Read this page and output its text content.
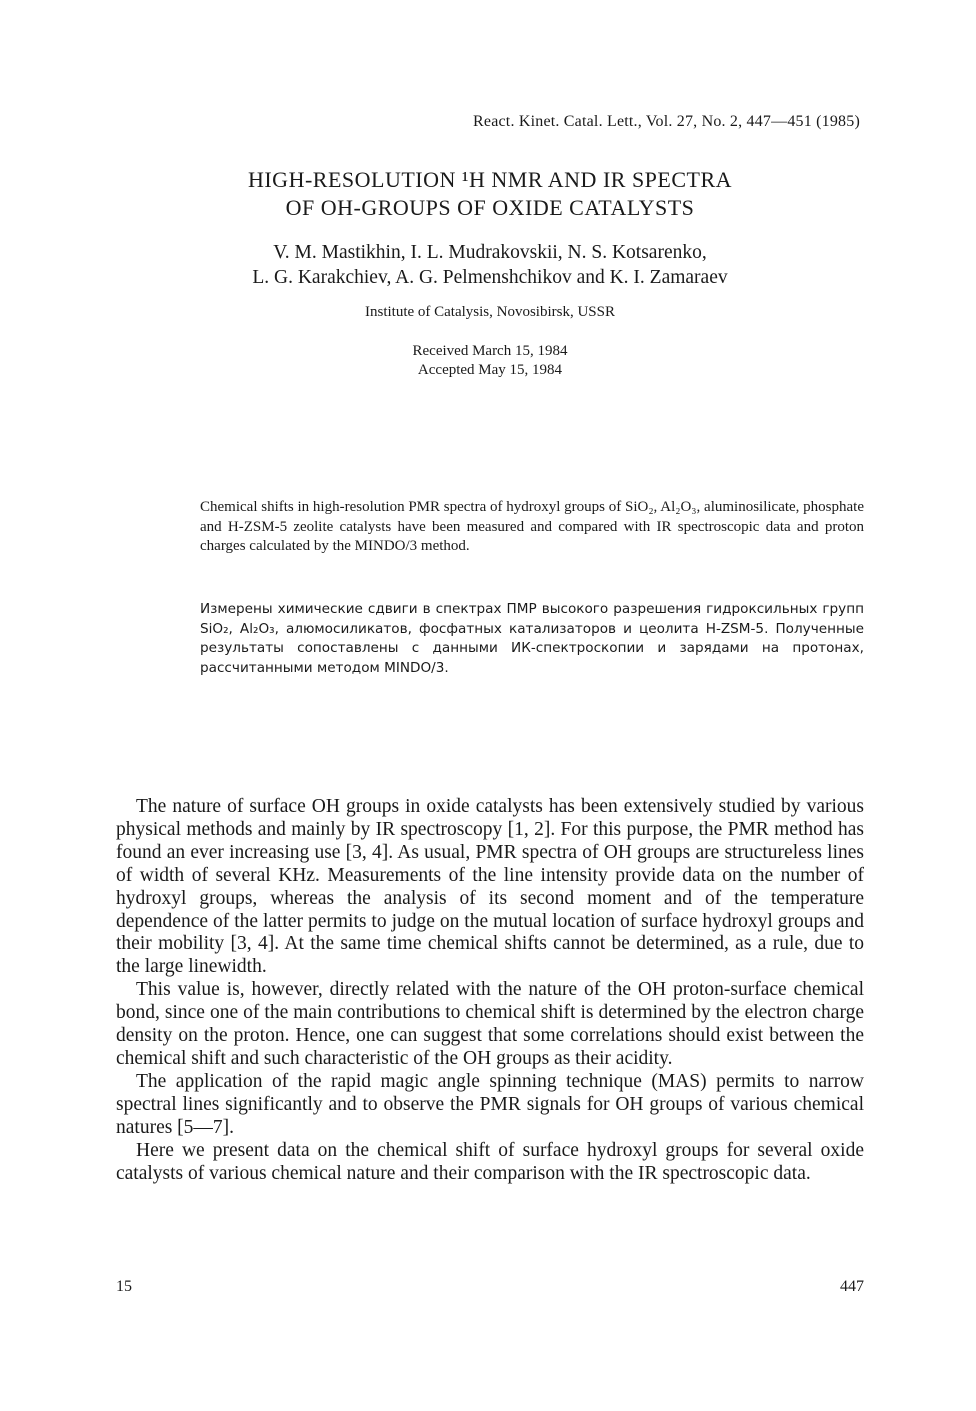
React. Kinet. Catal. Lett., Vol. 27, No. 2, 447—451 (1985)
HIGH-RESOLUTION ¹H NMR AND IR SPECTRA
OF OH-GROUPS OF OXIDE CATALYSTS
V. M. Mastikhin, I. L. Mudrakovskii, N. S. Kotsarenko,
L. G. Karakchiev, A. G. Pelmenshchikov and K. I. Zamaraev
Institute of Catalysis, Novosibirsk, USSR
Received March 15, 1984
Accepted May 15, 1984

Chemical shifts in high-resolution PMR spectra of hydroxyl groups of SiO₂, Al₂O₃, aluminosilicate, phosphate and H-ZSM-5 zeolite catalysts have been measured and compared with IR spectroscopic data and proton charges calculated by the MINDO/3 method.

Измерены химические сдвиги в спектрах ПМР высокого разрешения гидроксильных групп SiO₂, Al₂O₃, алюмосиликатов, фосфатных катализаторов и цеолита H-ZSM-5. Полученные результаты сопоставлены с данными ИК-спектроскопии и зарядами на протонах, рассчитанными методом MINDO/3.

The nature of surface OH groups in oxide catalysts has been extensively studied by various physical methods and mainly by IR spectroscopy [1, 2]. For this purpose, the PMR method has found an ever increasing use [3, 4]. As usual, PMR spectra of OH groups are structureless lines of width of several KHz. Measurements of the line intensity provide data on the number of hydroxyl groups, whereas the analysis of its second moment and of the temperature dependence of the latter permits to judge on the mutual location of surface hydroxyl groups and their mobility [3, 4]. At the same time chemical shifts cannot be determined, as a rule, due to the large linewidth.

This value is, however, directly related with the nature of the OH proton-surface chemical bond, since one of the main contributions to chemical shift is determined by the electron charge density on the proton. Hence, one can suggest that some correlations should exist between the chemical shift and such characteristic of the OH groups as their acidity.

The application of the rapid magic angle spinning technique (MAS) permits to narrow spectral lines significantly and to observe the PMR signals for OH groups of various chemical natures [5—7].

Here we present data on the chemical shift of surface hydroxyl groups for several oxide catalysts of various chemical nature and their comparison with the IR spectroscopic data.

15	447
